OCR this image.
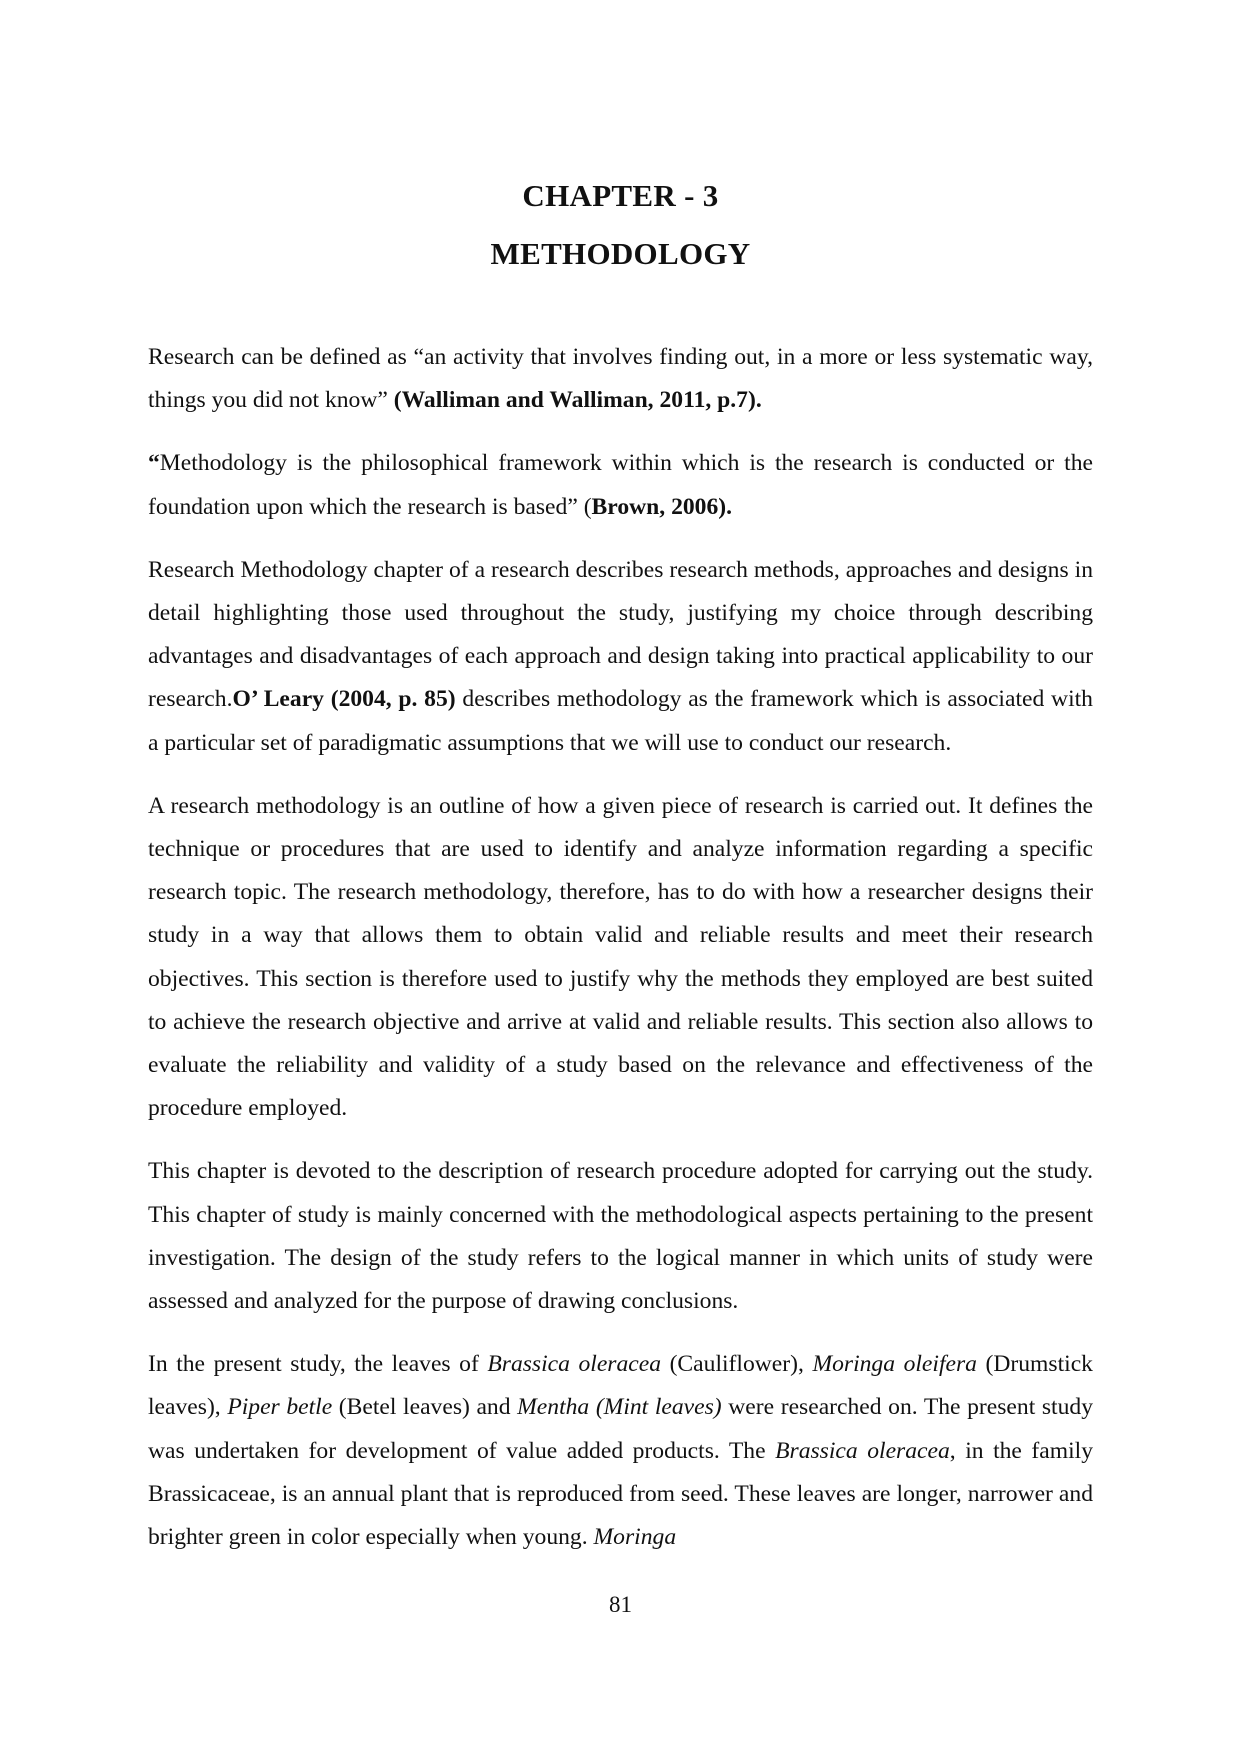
CHAPTER - 3
METHODOLOGY

Research can be defined as “an activity that involves finding out, in a more or less systematic way, things you did not know” (Walliman and Walliman, 2011, p.7).

“Methodology is the philosophical framework within which is the research is conducted or the foundation upon which the research is based” (Brown, 2006).

Research Methodology chapter of a research describes research methods, approaches and designs in detail highlighting those used throughout the study, justifying my choice through describing advantages and disadvantages of each approach and design taking into practical applicability to our research.O’ Leary (2004, p. 85) describes methodology as the framework which is associated with a particular set of paradigmatic assumptions that we will use to conduct our research.

A research methodology is an outline of how a given piece of research is carried out. It defines the technique or procedures that are used to identify and analyze information regarding a specific research topic. The research methodology, therefore, has to do with how a researcher designs their study in a way that allows them to obtain valid and reliable results and meet their research objectives. This section is therefore used to justify why the methods they employed are best suited to achieve the research objective and arrive at valid and reliable results. This section also allows to evaluate the reliability and validity of a study based on the relevance and effectiveness of the procedure employed.

This chapter is devoted to the description of research procedure adopted for carrying out the study. This chapter of study is mainly concerned with the methodological aspects pertaining to the present investigation. The design of the study refers to the logical manner in which units of study were assessed and analyzed for the purpose of drawing conclusions.

In the present study, the leaves of Brassica oleracea (Cauliflower), Moringa oleifera (Drumstick leaves), Piper betle (Betel leaves) and Mentha (Mint leaves) were researched on. The present study was undertaken for development of value added products. The Brassica oleracea, in the family Brassicaceae, is an annual plant that is reproduced from seed. These leaves are longer, narrower and brighter green in color especially when young. Moringa

81
